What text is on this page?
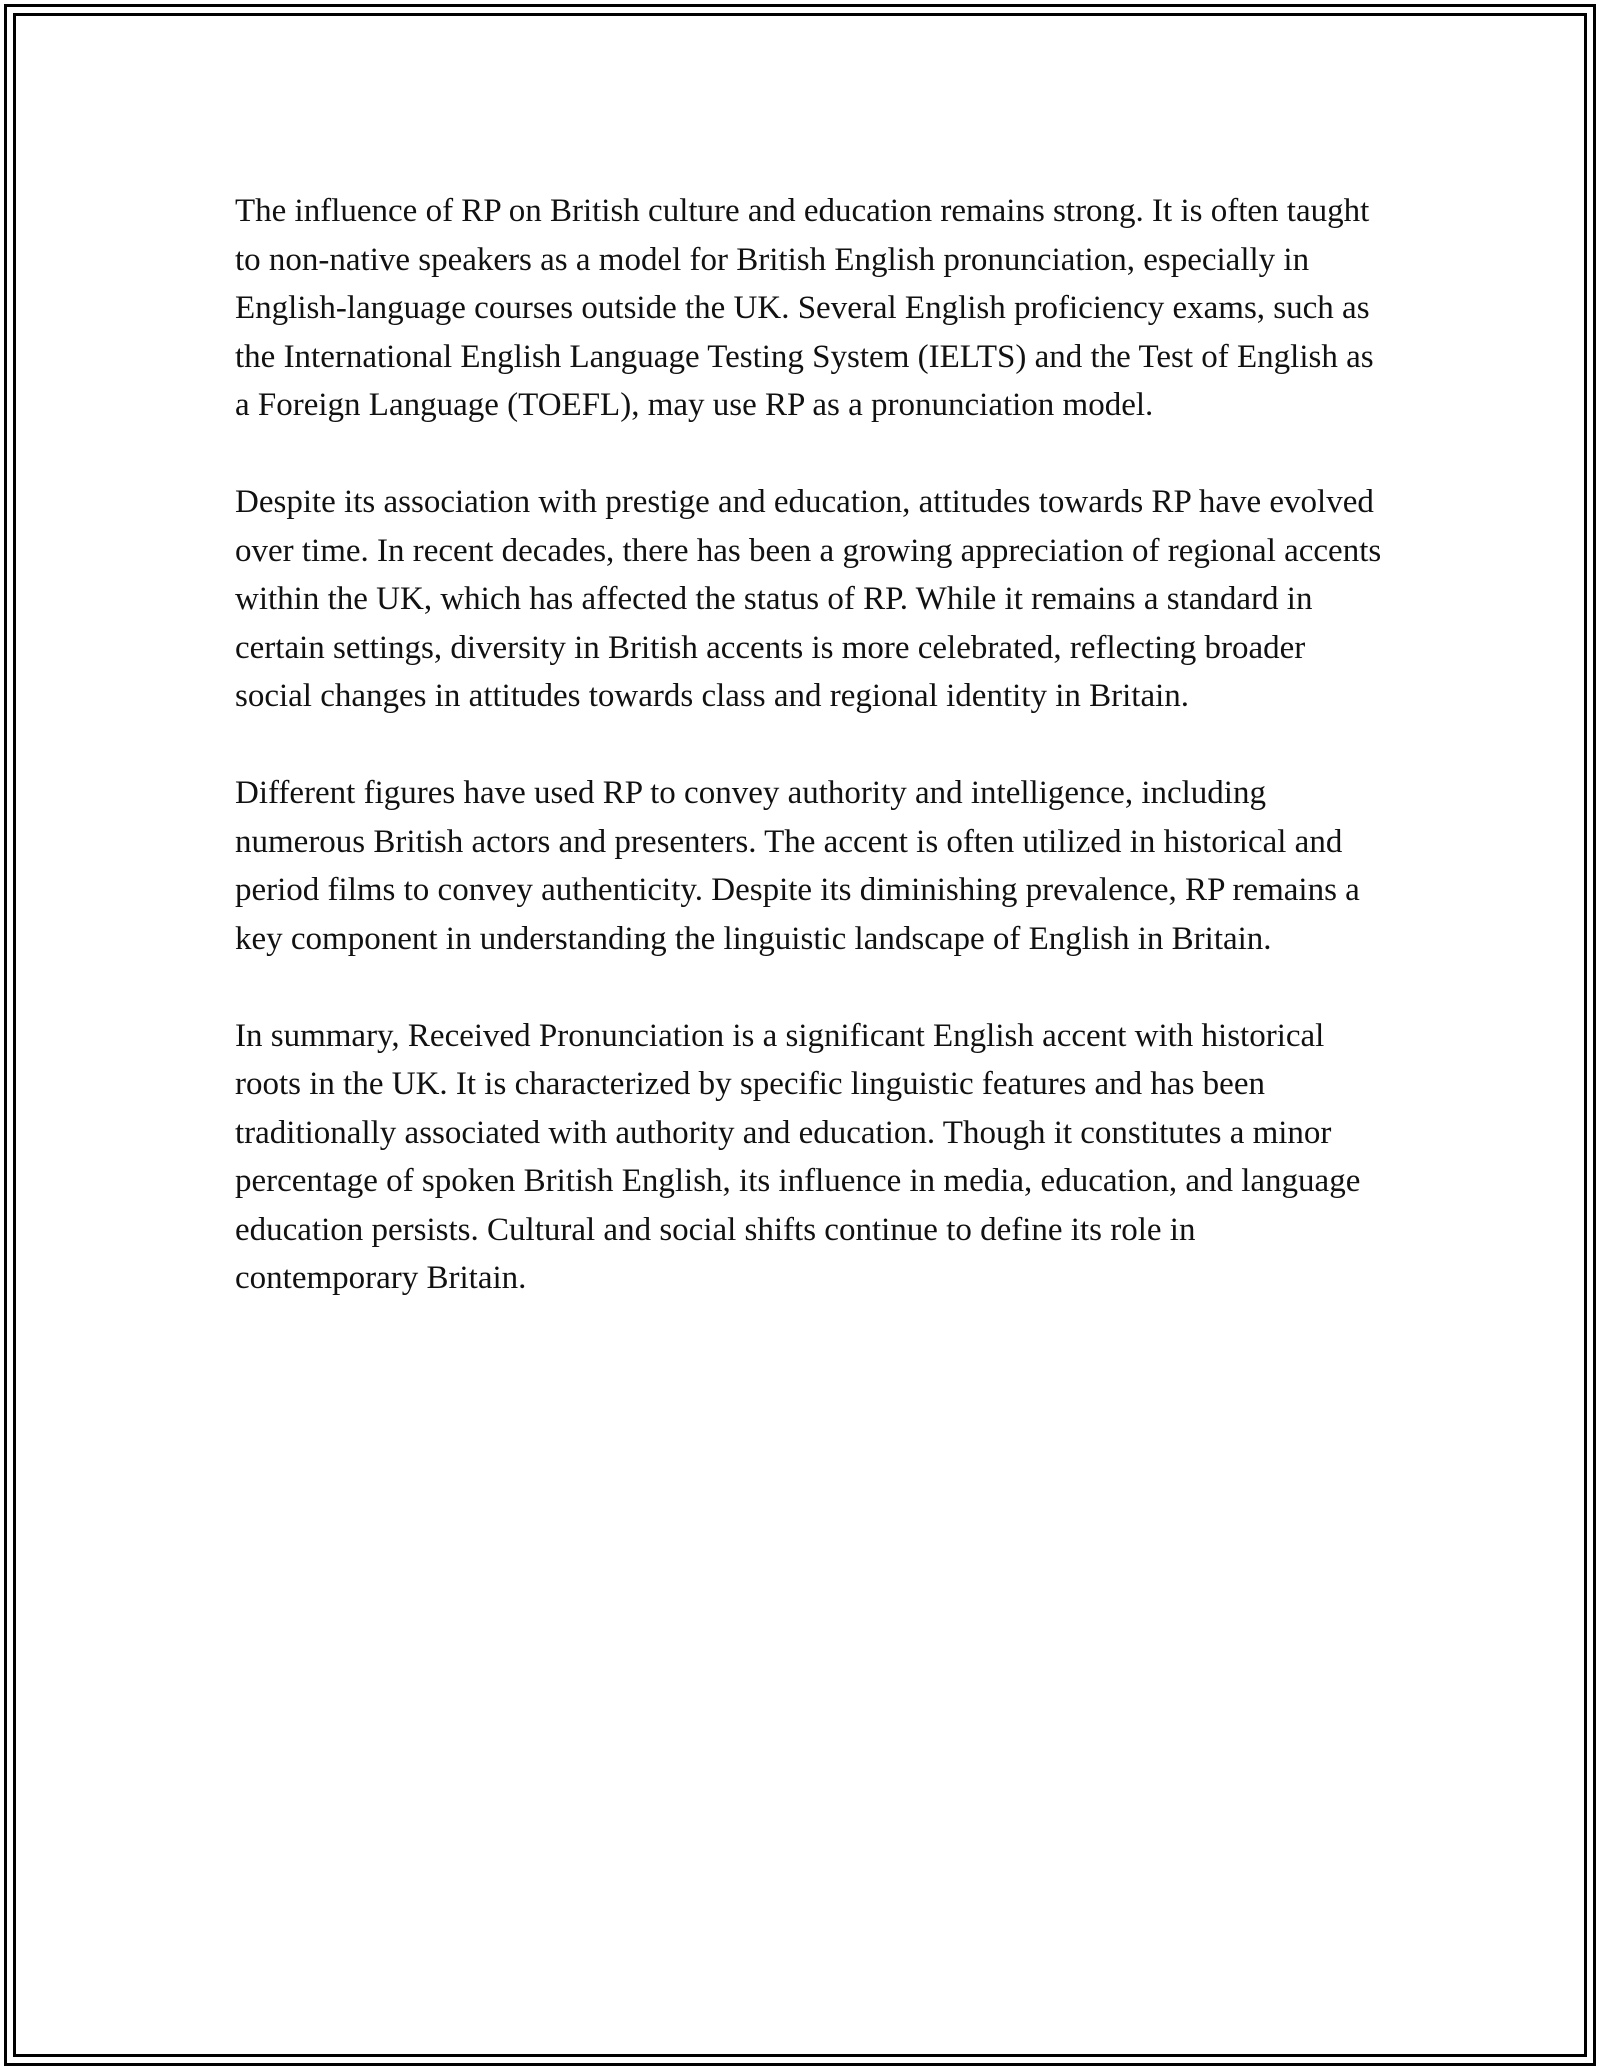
The influence of RP on British culture and education remains strong. It is often taught to non-native speakers as a model for British English pronunciation, especially in English-language courses outside the UK. Several English proficiency exams, such as the International English Language Testing System (IELTS) and the Test of English as a Foreign Language (TOEFL), may use RP as a pronunciation model.

Despite its association with prestige and education, attitudes towards RP have evolved over time. In recent decades, there has been a growing appreciation of regional accents within the UK, which has affected the status of RP. While it remains a standard in certain settings, diversity in British accents is more celebrated, reflecting broader social changes in attitudes towards class and regional identity in Britain.

Different figures have used RP to convey authority and intelligence, including numerous British actors and presenters. The accent is often utilized in historical and period films to convey authenticity. Despite its diminishing prevalence, RP remains a key component in understanding the linguistic landscape of English in Britain.

In summary, Received Pronunciation is a significant English accent with historical roots in the UK. It is characterized by specific linguistic features and has been traditionally associated with authority and education. Though it constitutes a minor percentage of spoken British English, its influence in media, education, and language education persists. Cultural and social shifts continue to define its role in contemporary Britain.
